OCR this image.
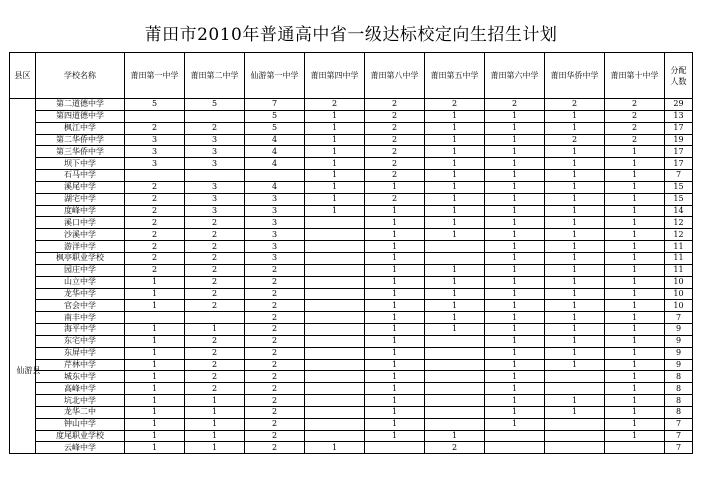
莆田市2010年普通高中省一级达标校定向生招生计划
县区	学校名称	莆田第一中学	莆田第二中学	仙游第一中学	莆田第四中学	莆田第八中学	莆田第五中学	莆田第六中学	莆田华侨中学	莆田第十中学	分配
人数

仙游县	第二道德中学	5	5	7	2	2	2	2	2	2	29
	第四道德中学			5	1	2	1	1	1	2	13
	枫江中学	2	2	5	1	2	1	1	1	2	17
	第二华侨中学	3	3	4	1	2	1	1	2	2	19
	第三华侨中学	3	3	4	1	2	1	1	1	1	17
	坝下中学	3	3	4	1	2	1	1	1	1	17
	石马中学				1	2	1	1	1	1	7
	溪尾中学	2	3	4	1	1	1	1	1	1	15
	湖宅中学	2	3	3	1	2	1	1	1	1	15
	度峰中学	2	3	3	1	1	1	1	1	1	14
	溪口中学	2	2	3		1	1	1	1	1	12
	沙溪中学	2	2	3		1	1	1	1	1	12
	游洋中学	2	2	3		1		1	1	1	11
	枫亭职业学校	2	2	3		1		1	1	1	11
	园庄中学	2	2	2		1	1	1	1	1	11
	山立中学	1	2	2		1	1	1	1	1	10
	龙华中学	1	2	2		1	1	1	1	1	10
	官会中学	1	2	2		1	1	1	1	1	10
	南丰中学			2		1	1	1	1	1	7
	海平中学	1	1	2		1	1	1	1	1	9
	东宅中学	1	2	2		1		1	1	1	9
	东屏中学	1	2	2		1		1	1	1	9
	芹林中学	1	2	2		1		1	1	1	9
	城东中学	1	2	2		1		1		1	8
	高峰中学	1	2	2		1		1		1	8
	坑北中学	1	1	2		1		1	1	1	8
	龙华二中	1	1	2		1		1	1	1	8
	钟山中学	1	1	2		1		1		1	7
	度尾职业学校	1	1	2		1	1			1	7
	云峰中学	1	1	2	1		2				7
